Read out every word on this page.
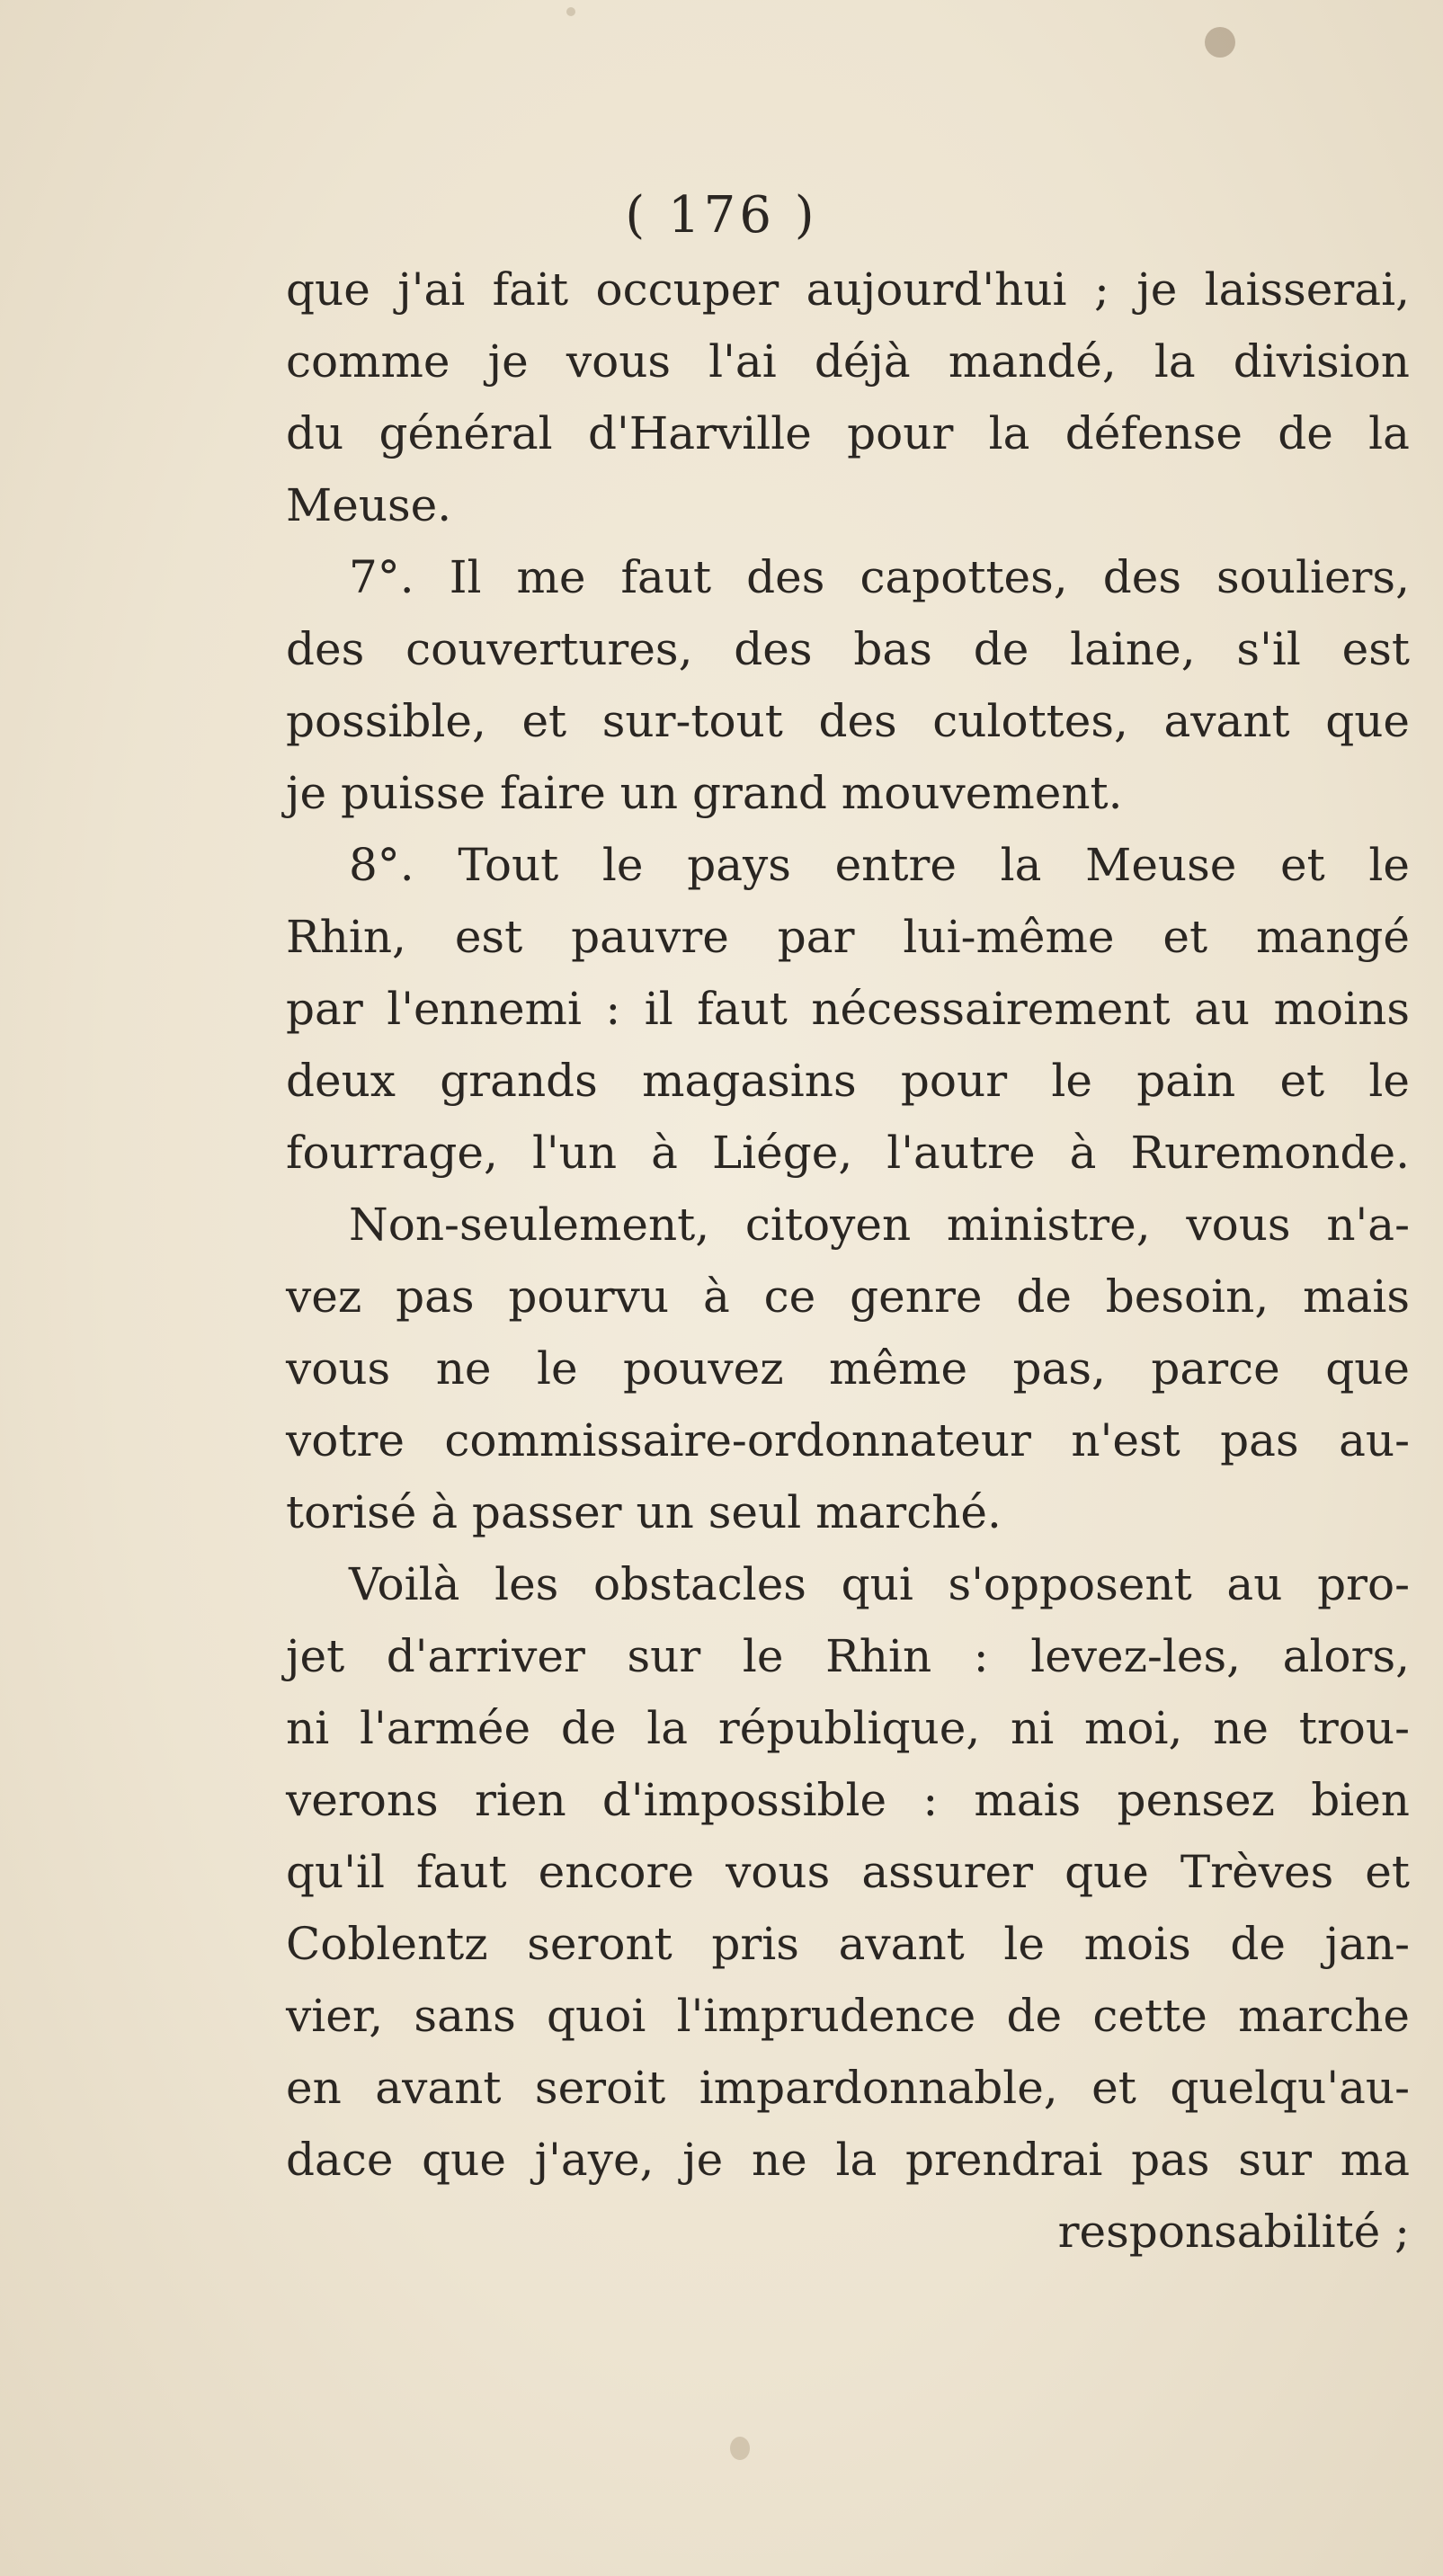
( 176 )
que j'ai fait occuper aujourd'hui ; je laisserai,
comme je vous l'ai déjà mandé, la division
du général d'Harville pour la défense de la
Meuse.
7°. Il me faut des capottes, des souliers,
des couvertures, des bas de laine, s'il est
possible, et sur-tout des culottes, avant que
je puisse faire un grand mouvement.
8°. Tout le pays entre la Meuse et le
Rhin, est pauvre par lui-même et mangé
par l'ennemi : il faut nécessairement au moins
deux grands magasins pour le pain et le
fourrage, l'un à Liége, l'autre à Ruremonde.
Non-seulement, citoyen ministre, vous n'a-
vez pas pourvu à ce genre de besoin, mais
vous ne le pouvez même pas, parce que
votre commissaire-ordonnateur n'est pas au-
torisé à passer un seul marché.
Voilà les obstacles qui s'opposent au pro-
jet d'arriver sur le Rhin : levez-les, alors,
ni l'armée de la république, ni moi, ne trou-
verons rien d'impossible : mais pensez bien
qu'il faut encore vous assurer que Trèves et
Coblentz seront pris avant le mois de jan-
vier, sans quoi l'imprudence de cette marche
en avant seroit impardonnable, et quelqu'au-
dace que j'aye, je ne la prendrai pas sur ma
responsabilité ;
